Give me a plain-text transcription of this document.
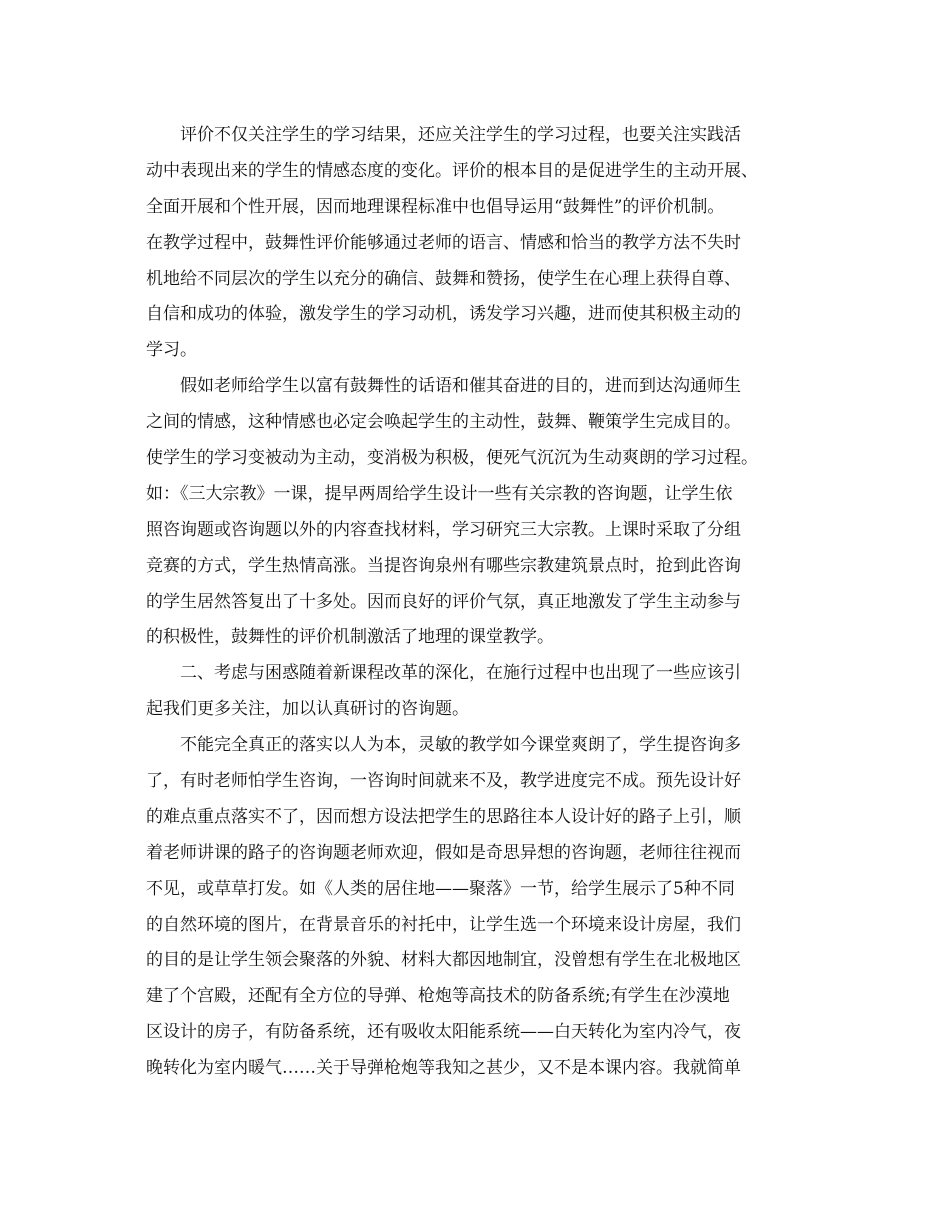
　　评价不仅关注学生的学习结果，还应关注学生的学习过程，也要关注实践活
动中表现出来的学生的情感态度的变化。评价的根本目的是促进学生的主动开展、
全面开展和个性开展，因而地理课程标准中也倡导运用“鼓舞性”的评价机制。
在教学过程中，鼓舞性评价能够通过老师的语言、情感和恰当的教学方法不失时
机地给不同层次的学生以充分的确信、鼓舞和赞扬，使学生在心理上获得自尊、
自信和成功的体验，激发学生的学习动机，诱发学习兴趣，进而使其积极主动的
学习。
　　假如老师给学生以富有鼓舞性的话语和催其奋进的目的，进而到达沟通师生
之间的情感，这种情感也必定会唤起学生的主动性，鼓舞、鞭策学生完成目的。
使学生的学习变被动为主动，变消极为积极，便死气沉沉为生动爽朗的学习过程。
如：《三大宗教》一课，提早两周给学生设计一些有关宗教的咨询题，让学生依
照咨询题或咨询题以外的内容查找材料，学习研究三大宗教。上课时采取了分组
竞赛的方式，学生热情高涨。当提咨询泉州有哪些宗教建筑景点时，抢到此咨询
的学生居然答复出了十多处。因而良好的评价气氛，真正地激发了学生主动参与
的积极性，鼓舞性的评价机制激活了地理的课堂教学。
　　二、考虑与困惑随着新课程改革的深化，在施行过程中也出现了一些应该引
起我们更多关注，加以认真研讨的咨询题。
　　不能完全真正的落实以人为本，灵敏的教学如今课堂爽朗了，学生提咨询多
了，有时老师怕学生咨询，一咨询时间就来不及，教学进度完不成。预先设计好
的难点重点落实不了，因而想方设法把学生的思路往本人设计好的路子上引，顺
着老师讲课的路子的咨询题老师欢迎，假如是奇思异想的咨询题，老师往往视而
不见，或草草打发。如《人类的居住地——聚落》一节，给学生展示了5种不同
的自然环境的图片，在背景音乐的衬托中，让学生选一个环境来设计房屋，我们
的目的是让学生领会聚落的外貌、材料大都因地制宜，没曾想有学生在北极地区
建了个宫殿，还配有全方位的导弹、枪炮等高技术的防备系统;有学生在沙漠地
区设计的房子，有防备系统，还有吸收太阳能系统——白天转化为室内冷气，夜
晚转化为室内暖气……关于导弹枪炮等我知之甚少，又不是本课内容。我就简单
